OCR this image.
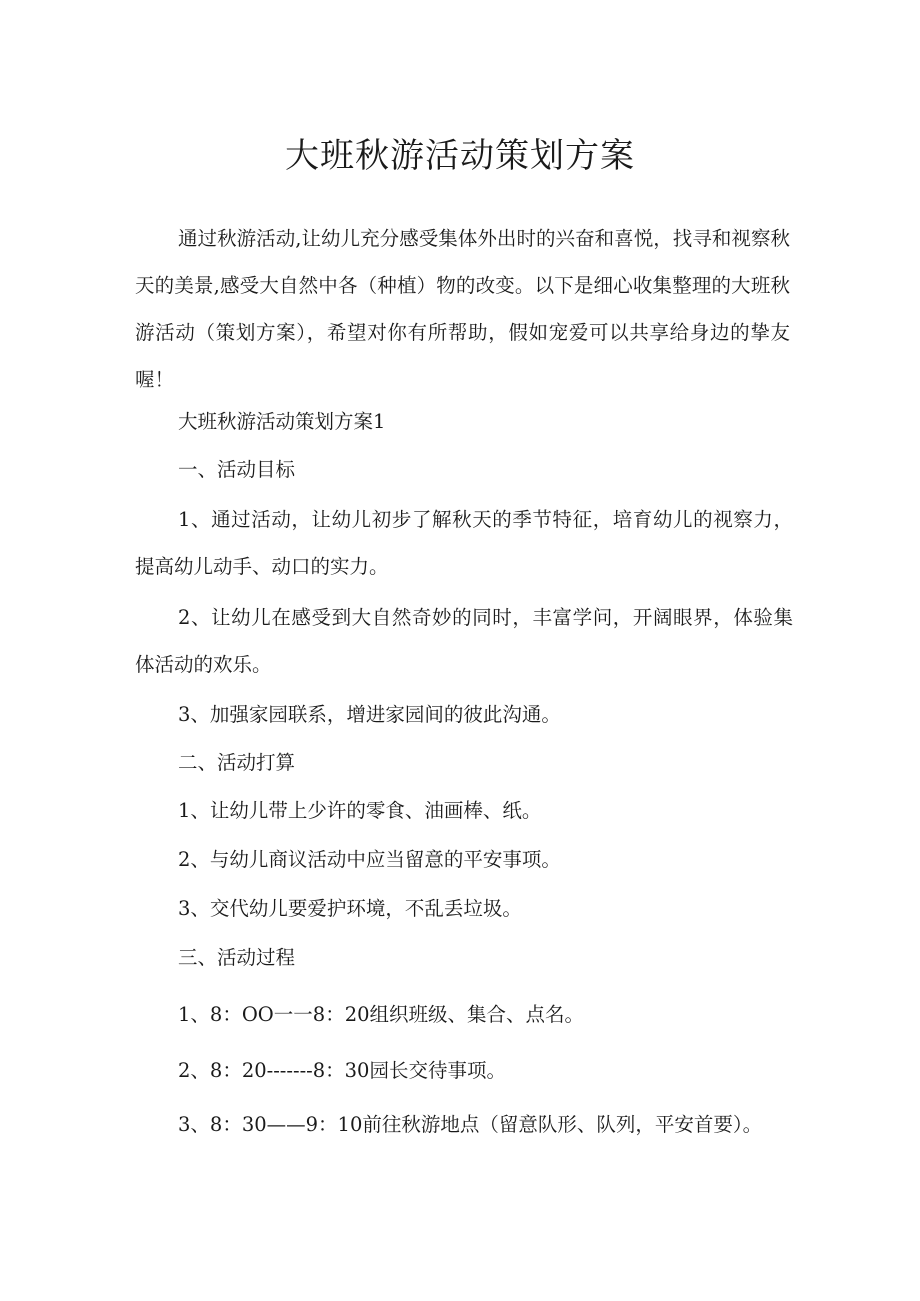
大班秋游活动策划方案

通过秋游活动,让幼儿充分感受集体外出时的兴奋和喜悦，找寻和视察秋天的美景,感受大自然中各（种植）物的改变。以下是细心收集整理的大班秋游活动（策划方案），希望对你有所帮助，假如宠爱可以共享给身边的挚友喔！

大班秋游活动策划方案1

一、活动目标

1、通过活动，让幼儿初步了解秋天的季节特征，培育幼儿的视察力，提高幼儿动手、动口的实力。

2、让幼儿在感受到大自然奇妙的同时，丰富学问，开阔眼界，体验集体活动的欢乐。

3、加强家园联系，增进家园间的彼此沟通。

二、活动打算

1、让幼儿带上少许的零食、油画棒、纸。

2、与幼儿商议活动中应当留意的平安事项。

3、交代幼儿要爱护环境，不乱丢垃圾。

三、活动过程

1、8：OO一一8：20组织班级、集合、点名。

2、8：20-------8：30园长交待事项。

3、8：30——9：10前往秋游地点（留意队形、队列，平安首要）。
